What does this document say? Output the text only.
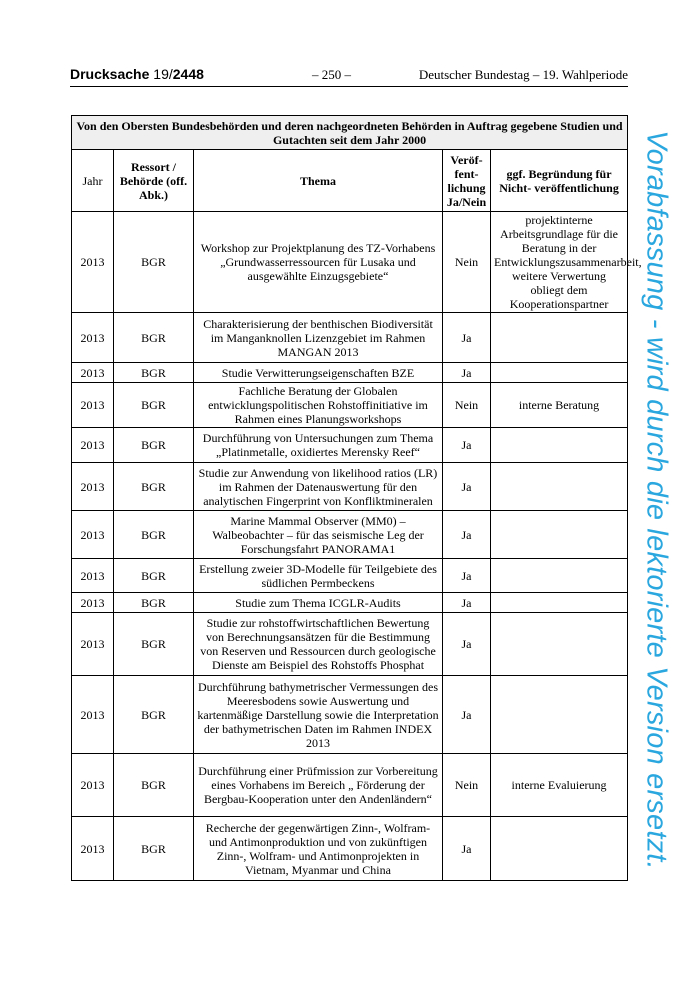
Drucksache 19/2448	– 250 –	Deutscher Bundestag – 19. Wahlperiode
Von den Obersten Bundesbehörden und deren nachgeordneten Behörden in Auftrag gegebene Studien und Gutachten seit dem Jahr 2000				
Jahr	Ressort / Behörde (off. Abk.)	Thema	Veröf- fent- lichung Ja/Nein	ggf. Begründung für Nicht- veröffentlichung
2013	BGR	Workshop zur Projektplanung des TZ-Vorhabens „Grundwasserressourcen für Lusaka und ausgewählte Einzugsgebiete“	Nein	projektinterne Arbeitsgrundlage für die Beratung in der Entwicklungszusammenarbeit, weitere Verwertung obliegt dem Kooperationspartner
2013	BGR	Charakterisierung der benthischen Biodiversität im Manganknollen Lizenzgebiet im Rahmen MANGAN 2013	Ja	
2013	BGR	Studie Verwitterungseigenschaften BZE	Ja	
2013	BGR	Fachliche Beratung der Globalen entwicklungspolitischen Rohstoffinitiative im Rahmen eines Planungsworkshops	Nein	interne Beratung
2013	BGR	Durchführung von Untersuchungen zum Thema „Platinmetalle, oxidiertes Merensky Reef“	Ja	
2013	BGR	Studie zur Anwendung von likelihood ratios (LR) im Rahmen der Datenauswertung für den analytischen Fingerprint von Konfliktmineralen	Ja	
2013	BGR	Marine Mammal Observer (MM0) – Walbeobachter – für das seismische Leg der Forschungsfahrt PANORAMA1	Ja	
2013	BGR	Erstellung zweier 3D-Modelle für Teilgebiete des südlichen Permbeckens	Ja	
2013	BGR	Studie zum Thema ICGLR-Audits	Ja	
2013	BGR	Studie zur rohstoffwirtschaftlichen Bewertung von Berechnungsansätzen für die Bestimmung von Reserven und Ressourcen durch geologische Dienste am Beispiel des Rohstoffs Phosphat	Ja	
2013	BGR	Durchführung bathymetrischer Vermessungen des Meeresbodens sowie Auswertung und kartenmäßige Darstellung sowie die Interpretation der bathymetrischen Daten im Rahmen INDEX 2013	Ja	
2013	BGR	Durchführung einer Prüfmission zur Vorbereitung eines Vorhabens im Bereich „ Förderung der Bergbau-Kooperation unter den Andenländern“	Nein	interne Evaluierung
2013	BGR	Recherche der gegenwärtigen Zinn-, Wolfram- und Antimonproduktion und von zukünftigen Zinn-, Wolfram- und Antimonprojekten in Vietnam, Myanmar und China	Ja		Vorabfassung - wird durch die lektorierte Version ersetzt.
